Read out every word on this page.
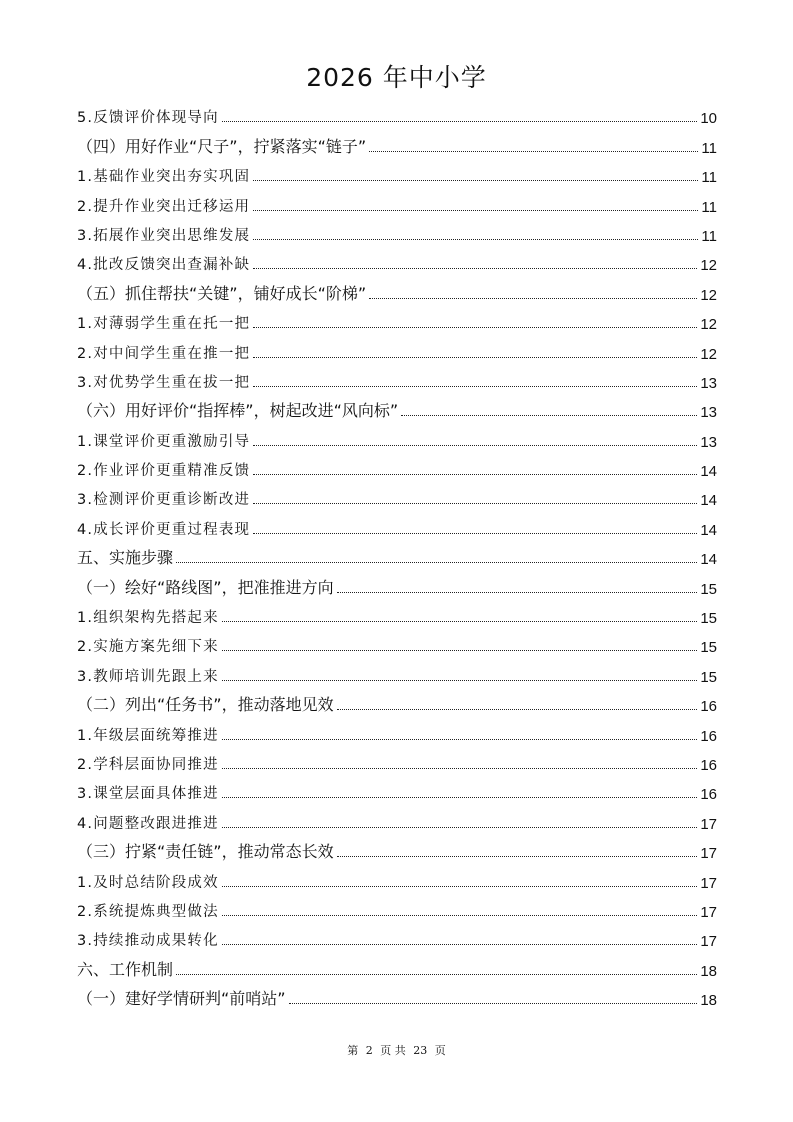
2026 年中小学
5.反馈评价体现导向	10
（四）用好作业“尺子”，拧紧落实“链子”	11
1.基础作业突出夯实巩固	11
2.提升作业突出迁移运用	11
3.拓展作业突出思维发展	11
4.批改反馈突出查漏补缺	12
（五）抓住帮扶“关键”，铺好成长“阶梯”	12
1.对薄弱学生重在托一把	12
2.对中间学生重在推一把	12
3.对优势学生重在拔一把	13
（六）用好评价“指挥棒”，树起改进“风向标”	13
1.课堂评价更重激励引导	13
2.作业评价更重精准反馈	14
3.检测评价更重诊断改进	14
4.成长评价更重过程表现	14
五、实施步骤	14
（一）绘好“路线图”，把准推进方向	15
1.组织架构先搭起来	15
2.实施方案先细下来	15
3.教师培训先跟上来	15
（二）列出“任务书”，推动落地见效	16
1.年级层面统筹推进	16
2.学科层面协同推进	16
3.课堂层面具体推进	16
4.问题整改跟进推进	17
（三）拧紧“责任链”，推动常态长效	17
1.及时总结阶段成效	17
2.系统提炼典型做法	17
3.持续推动成果转化	17
六、工作机制	18
（一）建好学情研判“前哨站”	18
第 2 页 共 23 页
